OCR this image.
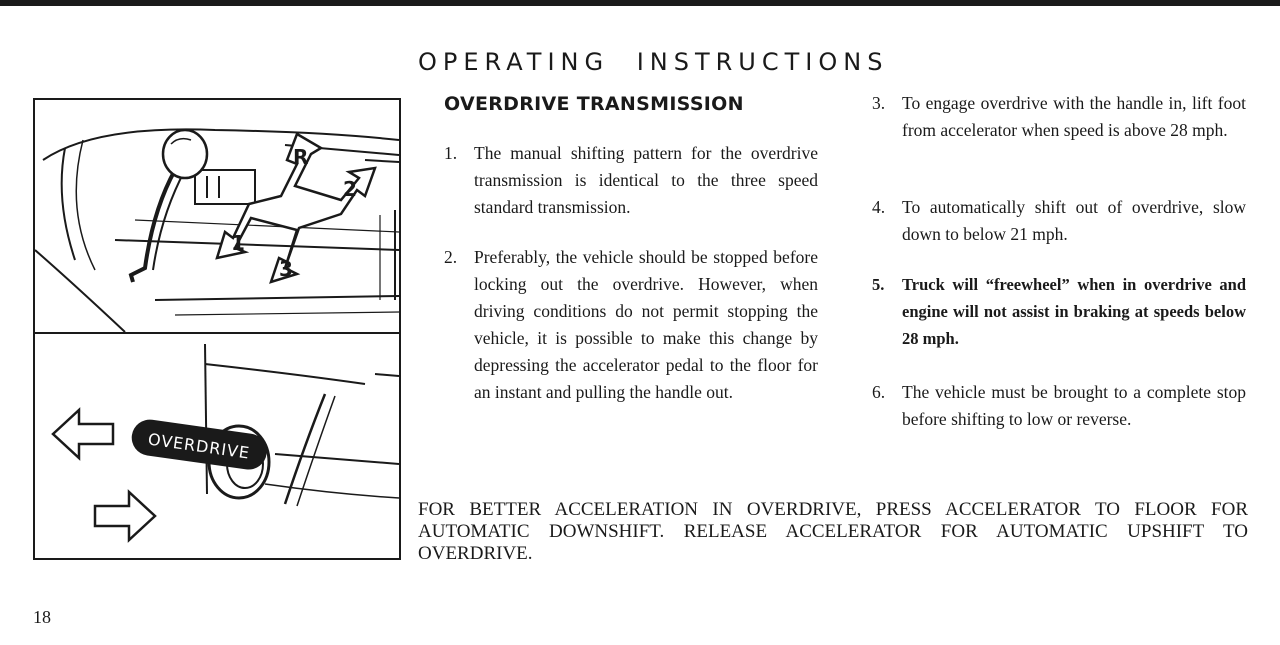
OPERATING INSTRUCTIONS
R
1
2
3
OVERDRIVE
OVERDRIVE TRANSMISSION
1. The manual shifting pattern for the overdrive transmission is identical to the three speed standard transmission.
2. Preferably, the vehicle should be stopped before locking out the overdrive. However, when driving conditions do not permit stopping the vehicle, it is possible to make this change by depressing the accelerator pedal to the floor for an instant and pulling the handle out.
3. To engage overdrive with the handle in, lift foot from accelerator when speed is above 28 mph.
4. To automatically shift out of overdrive, slow down to below 21 mph.
5. Truck will “freewheel” when in overdrive and engine will not assist in braking at speeds below 28 mph.
6. The vehicle must be brought to a complete stop before shifting to low or reverse.
FOR BETTER ACCELERATION IN OVERDRIVE, PRESS ACCELERATOR TO FLOOR FOR AUTOMATIC DOWNSHIFT. RELEASE ACCELERATOR FOR AUTOMATIC UPSHIFT TO OVERDRIVE.
18
